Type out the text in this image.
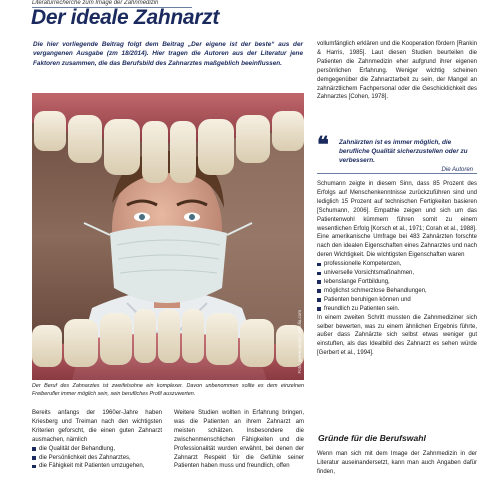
Literaturrecherche zum Image der Zahnmedizin
Der ideale Zahnarzt
Die hier vorliegende Beitrag folgt dem Beitrag „Der eigene ist der beste“ aus der vergangenen Ausgabe (zm 18/2014). Hier tragen die Autoren aus der Literatur jene Faktoren zusammen, die das Berufsbild des Zahnarztes maßgeblich beeinflussen.
Foto: gemenacom - Fotolia.com
Der Beruf des Zahnarztes ist zweifelsohne ein komplexer. Davon unbenommen sollte es dem einzelnen Freiberufler immer möglich sein, sein berufliches Profil auszuwerten.

Bereits anfangs der 1960er-Jahre haben Kriesberg und Treiman nach den wichtigsten Kriterien geforscht, die einen guten Zahnarzt ausmachen, nämlich

die Qualität der Behandlung,
die Persönlichkeit des Zahnarztes,
die Fähigkeit mit Patienten umzugehen,

Weitere Studien wollten in Erfahrung bringen, was die Patienten an ihrem Zahnarzt am meisten schätzen. Insbesondere die zwischenmenschlichen Fähigkeiten und die Professionalität wurden erwähnt, bei denen der Zahnarzt Respekt für die Gefühle seiner Patienten haben muss und freundlich, offen

vollumfänglich erklären und die Kooperation fördern [Rankin & Harris, 1985]. Laut diesen Studien beurteilen die Patienten die Zahnmedizin eher aufgrund ihrer eigenen persönlichen Erfahrung. Weniger wichtig scheinen demgegenüber die Zahnarztarbeit zu sein, der Mangel an zahnärztlichem Fachpersonal oder die Geschicklichkeit des Zahnarztes [Cohen, 1978].

❝ Zahnärzten ist es immer möglich, die berufliche Qualität sicherzustellen oder zu verbessern.
Die Autoren

Schumann zeigte in diesem Sinn, dass 85 Prozent des Erfolgs auf Menschenkenntnisse zurückzuführen sind und lediglich 15 Prozent auf technischen Fertigkeiten basieren [Schumann, 2006]. Empathie zeigen und sich um das Patientenwohl kümmern führen somit zu einem wesentlichen Erfolg [Korsch et al., 1971; Corah et al., 1988].

Eine amerikanische Umfrage bei 483 Zahnärzten forschte nach den idealen Eigenschaften eines Zahnarztes und nach deren Wichtigkeit. Die wichtigsten Eigenschaften waren

professionelle Kompetenzen,
universelle Vorsichtsmaßnahmen,
lebenslange Fortbildung,
möglichst schmerzlose Behandlungen,
Patienten beruhigen können und
freundlich zu Patienten sein.

In einem zweiten Schritt mussten die Zahnmediziner sich selber bewerten, was zu einem ähnlichen Ergebnis führte, außer dass Zahnärzte sich selbst etwas weniger gut einstuften, als das Idealbild des Zahnarzt es sehen würde [Gerbert et al., 1994].

Gründe für die Berufswahl

Wenn man sich mit dem Image der Zahnmedizin in der Literatur auseinandersetzt, kann man auch Angaben dafür finden,
